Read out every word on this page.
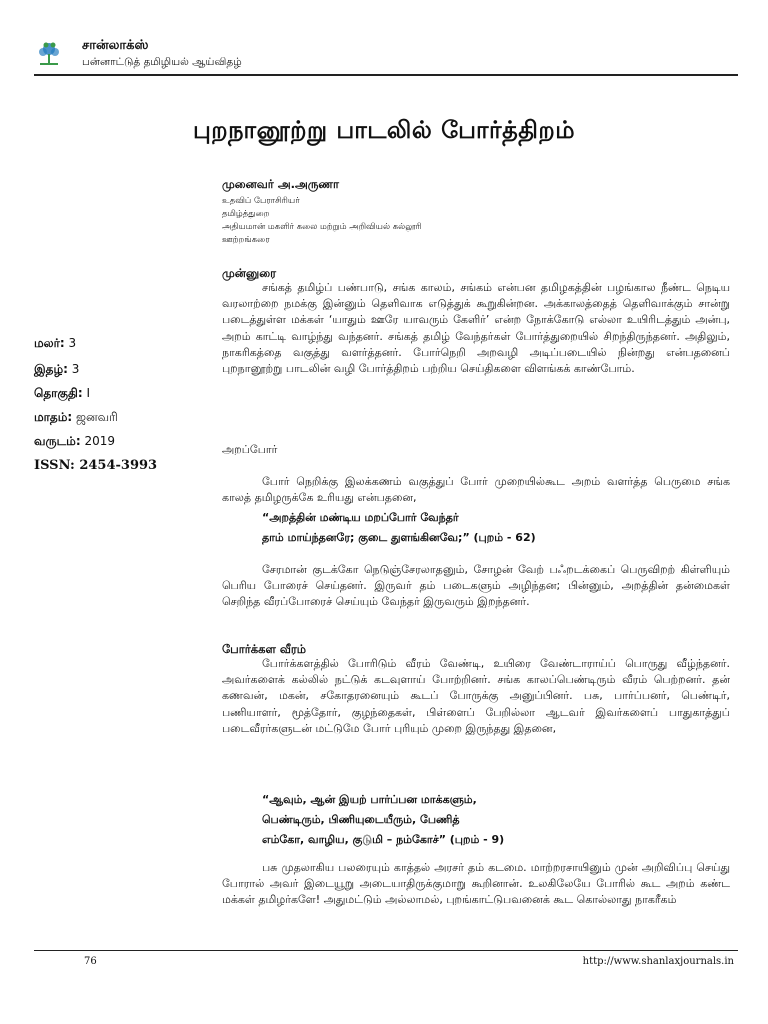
சான்லாக்ஸ்
பன்னாட்டுத் தமிழியல் ஆய்விதழ்
புறநானூற்று பாடலில் போர்த்திறம்
முனைவர் அ.அருணா
உதவிப் பேராசிரியர்
தமிழ்த்துறை
அதியமான் மகளிர் கலை மற்றும் அறிவியல் கல்லூரி
ஊற்றங்கரை
மலர்: 3
இதழ்: 3
தொகுதி: I
மாதம்: ஜனவரி
வருடம்: 2019
ISSN: 2454-3993
முன்னுரை

சங்கத் தமிழ்ப் பண்பாடு, சங்க காலம், சங்கம் என்பன தமிழகத்தின் பழங்கால நீண்ட நெடிய வரலாற்றை நமக்கு இன்னும் தெளிவாக எடுத்துக் கூறுகின்றன. அக்காலத்தைத் தெளிவாக்கும் சான்று படைத்துள்ள மக்கள் ‘யாதும் ஊரே யாவரும் கேளிர்’ என்ற நோக்கோடு எல்லா உயிரிடத்தும் அன்பு, அறம் காட்டி வாழ்ந்து வந்தனர். சங்கத் தமிழ் வேந்தர்கள் போர்த்துறையில் சிறந்திருந்தனர். அதிலும், நாகரிகத்தை வகுத்து வளர்த்தனர். போர்நெறி அறவழி அடிப்படையில் நின்றது என்பதனைப் புறநானூற்று பாடலின் வழி போர்த்திறம் பற்றிய செய்திகளை விளங்கக் காண்போம்.

அறப்போர்

போர் நெறிக்கு இலக்கணம் வகுத்துப் போர் முறையில்கூட அறம் வளர்த்த பெருமை சங்க காலத் தமிழருக்கே உரியது என்பதனை,

“அறத்தின் மண்டிய மறப்போர் வேந்தர்
தாம் மாய்ந்தனரே; குடை துளங்கினவே;” (புறம் - 62)

சேரமான் குடக்கோ நெடுஞ்சேரலாதனும், சோழன் வேற் பஃறடக்கைப் பெருவிறற் கிள்ளியும் பெரிய போரைச் செய்தனர். இருவர் தம் படைகளும் அழிந்தன; பின்னும், அறத்தின் தன்மைகள் செறிந்த வீரப்போரைச் செய்யும் வேந்தர் இருவரும் இறந்தனர்.

போர்க்கள வீரம்

போர்க்களத்தில் போரிடும் வீரம் வேண்டி, உயிரை வேண்டாராய்ப் பொருது வீழ்ந்தனர். அவர்களைக் கல்லில் நட்டுக் கடவுளாய் போற்றினர். சங்க காலப்பெண்டிரும் வீரம் பெற்றனர். தன் கணவன், மகன், சகோதரனையும் கூடப் போருக்கு அனுப்பினர். பசு, பார்ப்பனர், பெண்டிர், பணியாளர், மூத்தோர், குழந்தைகள், பிள்ளைப் பேறில்லா ஆடவர் இவர்களைப் பாதுகாத்துப் படைவீரர்களுடன் மட்டுமே போர் புரியும் முறை இருந்தது இதனை,

“ஆவும், ஆன் இயற் பார்ப்பன மாக்களும்,
பெண்டிரும், பிணியுடையீரும், பேணித்
எம்கோ, வாழிய, குடுமி – நம்கோச்” (புறம் - 9)

பசு முதலாகிய பலரையும் காத்தல் அரசர் தம் கடமை. மாற்றரசாயினும் முன் அறிவிப்பு செய்து போரால் அவர் இடையூறு அடையாதிருக்குமாறு கூறினான். உலகிலேயே போரில் கூட அறம் கண்ட மக்கள் தமிழர்களே! அதுமட்டும் அல்லாமல், புறங்காட்டுபவனைக் கூட கொல்லாது நாகரீகம்

76	http://www.shanlaxjournals.in
